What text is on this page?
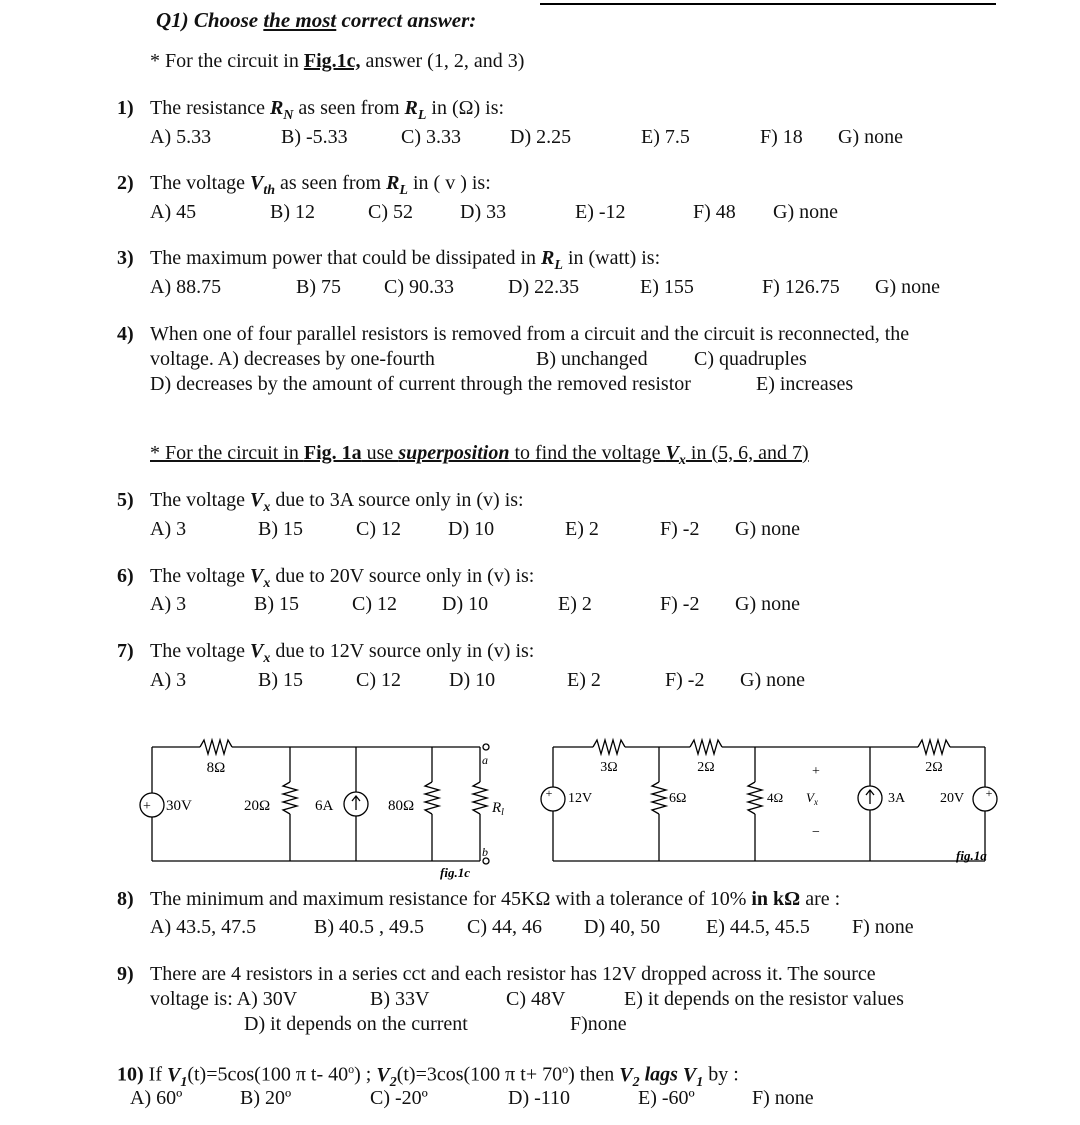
Q1) Choose the most correct answer:
* For the circuit in Fig.1c, answer (1, 2, and 3)
1) The resistance $R_N$ as seen from $R_L$ in (Ω) is:
A) 5.33	B) -5.33	C) 3.33 D) 2.25	E) 7.5	F) 18 G) none
2) The voltage $V_{th}$ as seen from $R_L$ in ( v ) is:
A) 45	B) 12	C) 52 D) 33	E) -12	F) 48 G) none
3) The maximum power that could be dissipated in $R_L$ in (watt) is:
A) 88.75	B) 75 C) 90.33	D) 22.35	E) 155	F) 126.75 G) none
4) When one of four parallel resistors is removed from a circuit and the circuit is reconnected, the
voltage. A) decreases by one-fourth	B) unchanged C) quadruples
D) decreases by the amount of current through the removed resistor	E) increases
* For the circuit in Fig. 1a use superposition to find the voltage $V_x$ in (5, 6, and 7)
5) The voltage $V_x$ due to 3A source only in (v) is:
A) 3	B) 15	C) 12 D) 10	E) 2	F) -2 G) none
6) The voltage $V_x$ due to 20V source only in (v) is:
A) 3	B) 15	C) 12 D) 10	E) 2	F) -2 G) none
7) The voltage $V_x$ due to 12V source only in (v) is:
A) 3	B) 15	C) 12 D) 10	E) 2	F) -2 G) none
+ 30V
8Ω
20Ω	6A	80Ω	$R_l$
a
b
fig.1c
+ 12V
3Ω
6Ω
2Ω
4Ω
+
$V_x$
−
3A
2Ω
20V +
fig.1a
8) The minimum and maximum resistance for 45KΩ with a tolerance of 10% in kΩ are :
A) 43.5, 47.5	B) 40.5 , 49.5 C) 44, 46 D) 40, 50 E) 44.5, 45.5 F) none
9) There are 4 resistors in a series cct and each resistor has 12V dropped across it. The source
voltage is: A) 30V	B) 33V	C) 48V	E) it depends on the resistor values
D) it depends on the current	F)none
10) If $V_1(t)=5\cos(100$ π t- 40$^o$) ; $V_2(t)=3\cos(100$ π $t+ 70^o$) then $V_2$ lags $V_1$ by :
A) 60º	B) 20º	C) -20º	D) -110	E) -60º	F) none
